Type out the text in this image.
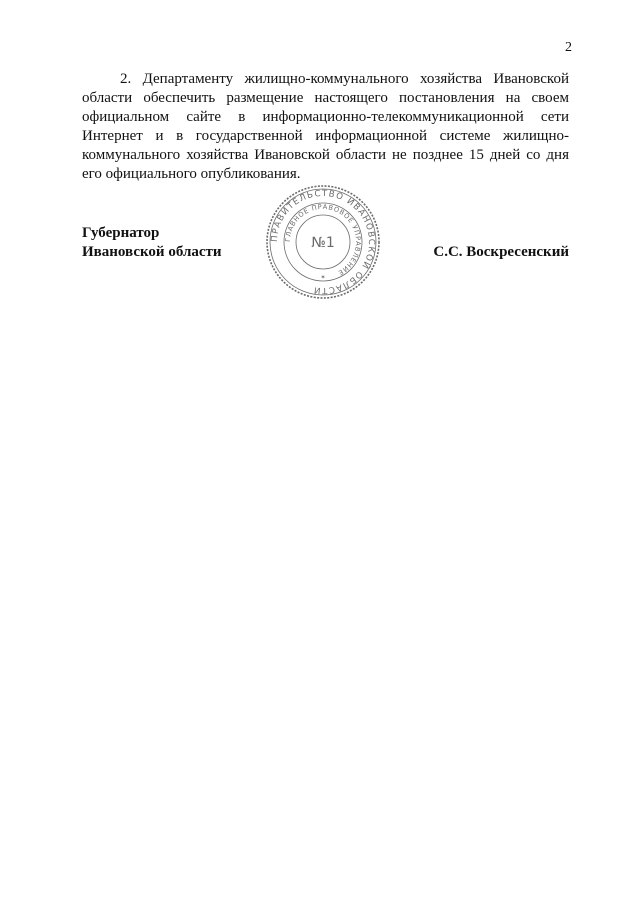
2

2. Департаменту жилищно-коммунального хозяйства Ивановской области обеспечить размещение настоящего постановления на своем официальном сайте в информационно-телекоммуникационной сети Интернет и в государственной информационной системе жилищно-коммунального хозяйства Ивановской области не позднее 15 дней со дня его официального опубликования.

Губернатор
Ивановской области
ПРАВИТЕЛЬСТВО ИВАНОВСКОЙ ОБЛАСТИ
ГЛАВНОЕ ПРАВОВОЕ УПРАВЛЕНИЕ
№1
✶
С.С. Воскресенский
